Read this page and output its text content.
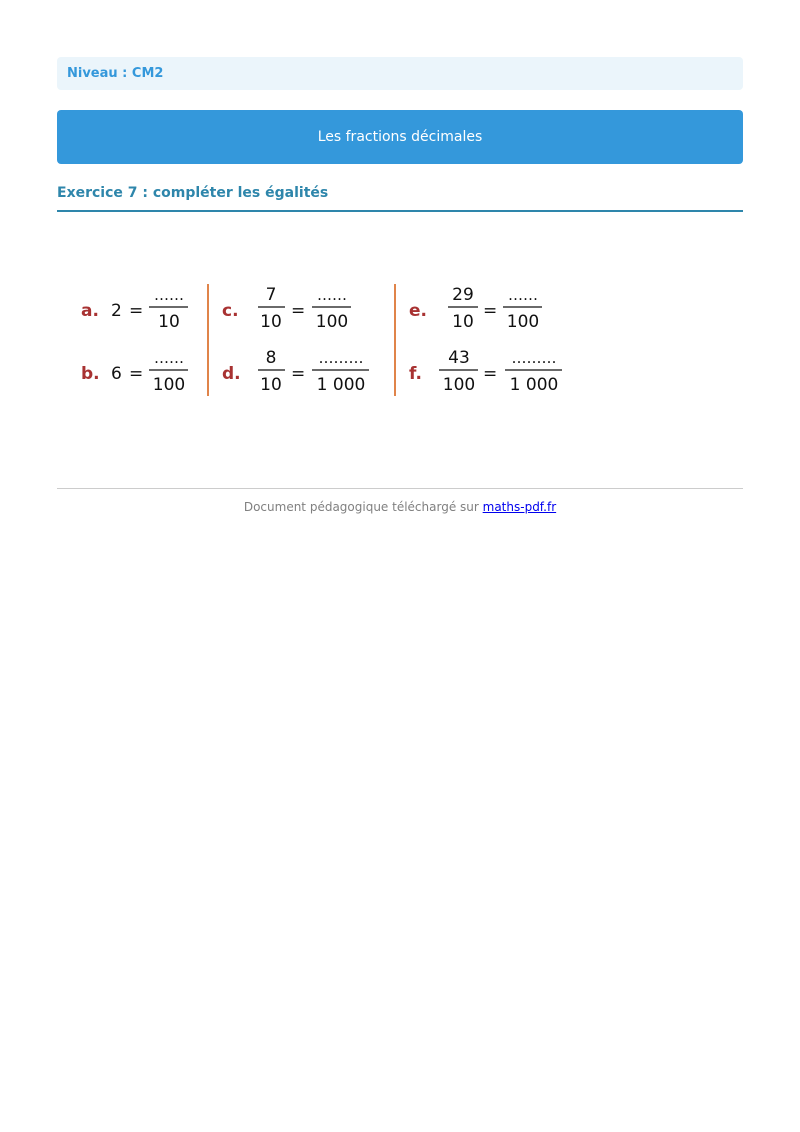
Niveau : CM2
Les fractions décimales
Exercice 7 : compléter les égalités
a. 2 =
……
10
b. 6 =
……
100
c.
7
10
=
……
100
d.
8
10
=
………
1 000
e.
29
10
=
……
100
f.
43
100
=
………
1 000
Document pédagogique téléchargé sur maths-pdf.fr
